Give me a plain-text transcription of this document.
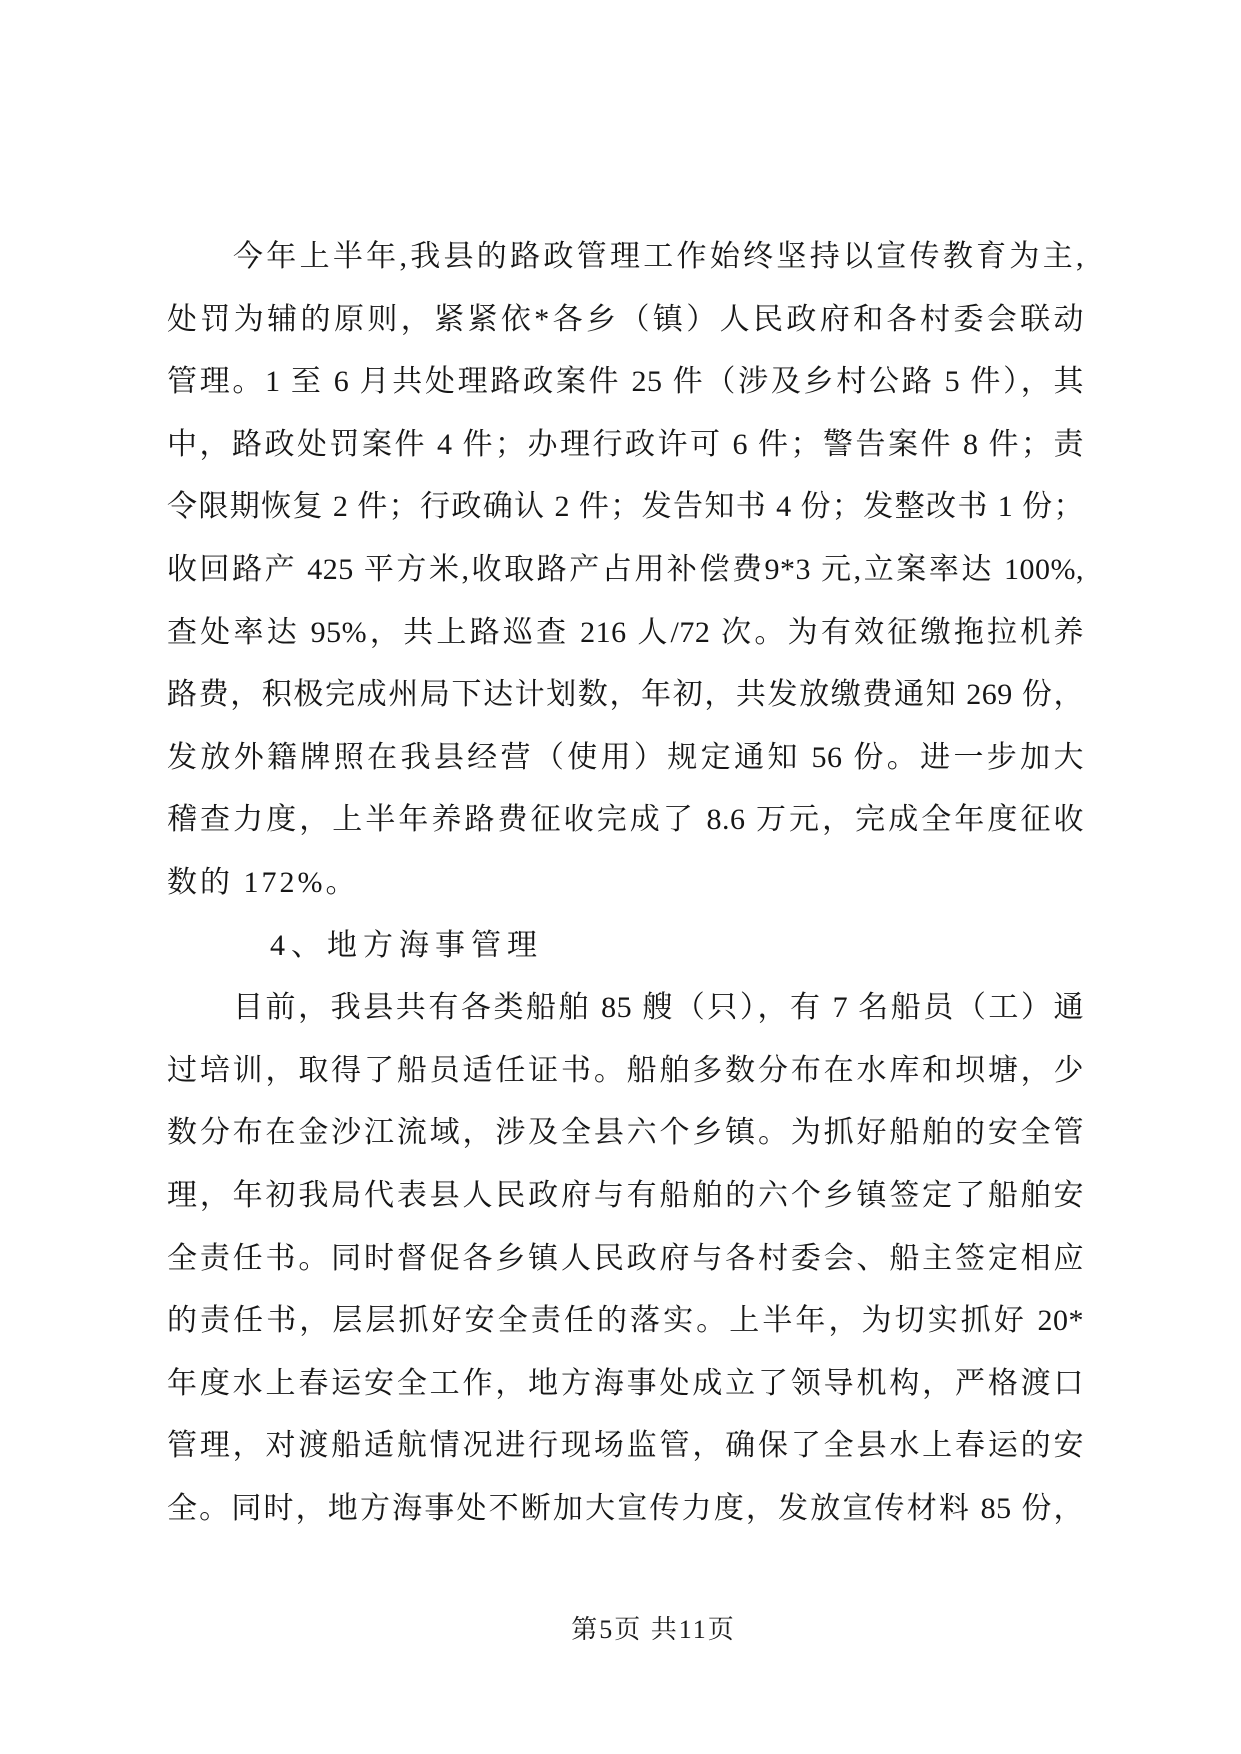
今年上半年,我县的路政管理工作始终坚持以宣传教育为主,
处罚为辅的原则，紧紧依*各乡（镇）人民政府和各村委会联动
管理。1 至 6 月共处理路政案件 25 件（涉及乡村公路 5 件），其
中，路政处罚案件 4 件；办理行政许可 6 件；警告案件 8 件；责
令限期恢复 2 件；行政确认 2 件；发告知书 4 份；发整改书 1 份；
收回路产 425 平方米,收取路产占用补偿费9*3 元,立案率达 100%,
查处率达 95%，共上路巡查 216 人/72 次。为有效征缴拖拉机养
路费，积极完成州局下达计划数，年初，共发放缴费通知 269 份，
发放外籍牌照在我县经营（使用）规定通知 56 份。进一步加大
稽查力度，上半年养路费征收完成了 8.6 万元，完成全年度征收
数的 172%。
4、地方海事管理
目前，我县共有各类船舶 85 艘（只），有 7 名船员（工）通
过培训，取得了船员适任证书。船舶多数分布在水库和坝塘，少
数分布在金沙江流域，涉及全县六个乡镇。为抓好船舶的安全管
理，年初我局代表县人民政府与有船舶的六个乡镇签定了船舶安
全责任书。同时督促各乡镇人民政府与各村委会、船主签定相应
的责任书，层层抓好安全责任的落实。上半年，为切实抓好 20*
年度水上春运安全工作，地方海事处成立了领导机构，严格渡口
管理，对渡船适航情况进行现场监管，确保了全县水上春运的安
全。同时，地方海事处不断加大宣传力度，发放宣传材料 85 份，
第5页 共11页
